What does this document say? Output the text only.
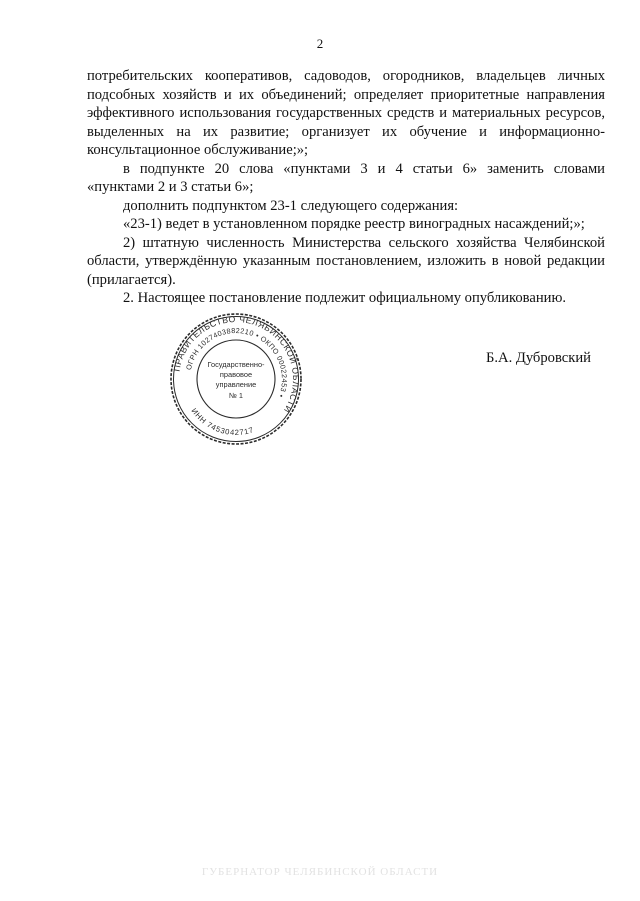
2

потребительских кооперативов, садоводов, огородников, владельцев личных подсобных хозяйств и их объединений; определяет приоритетные направления эффективного использования государственных средств и материальных ресурсов, выделенных на их развитие; организует их обучение и информационно-консультационное обслуживание;»;

в подпункте 20 слова «пунктами 3 и 4 статьи 6» заменить словами «пунктами 2 и 3 статьи 6»;

дополнить подпунктом 23-1 следующего содержания:

«23-1) ведет в установленном порядке реестр виноградных насаждений;»;

2) штатную численность Министерства сельского хозяйства Челябинской области, утверждённую указанным постановлением, изложить в новой редакции (прилагается).

2. Настоящее постановление подлежит официальному опубликованию.

ПРАВИТЕЛЬСТВО ЧЕЛЯБИНСКОЙ ОБЛАСТИ
ОГРН 1027403882210 • ОКПО 00022453 •
ИНН 7453042717
Государственно-
правовое
управление
№ 1
Б.А. Дубровский
ГУБЕРНАТОР ЧЕЛЯБИНСКОЙ ОБЛАСТИ
